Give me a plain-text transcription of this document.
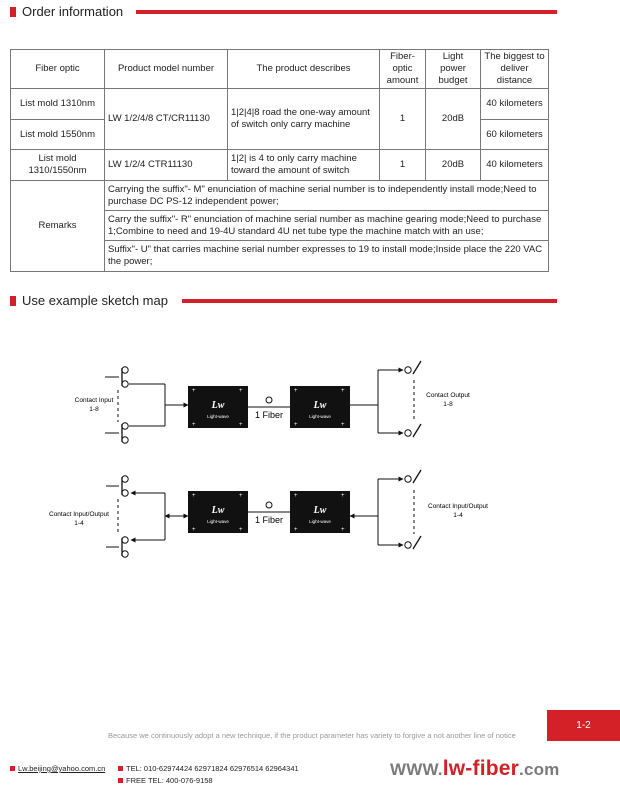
Order information
Fiber optic	Product model number	The product describes	Fiber-optic amount	Light power budget	The biggest to deliver distance
List mold 1310nm	LW 1/2/4/8 CT/CR11130	1|2|4|8 road the one-way amount of switch only carry machine	1	20dB	40 kilometers
List mold 1550nm					60 kilometers
List mold 1310/1550nm	LW 1/2/4 CTR11130	1|2| is 4 to only carry machine toward the amount of switch	1	20dB	40 kilometers
Remarks	Carrying the suffix"- M" enunciation of machine serial number is to independently install mode;Need to purchase DC PS-12 independent power;				
	Carry the suffix"- R" enunciation of machine serial number as machine gearing mode;Need to purchase 1;Combine to need and 19-4U standard 4U net tube type the machine match with an use;				
	Suffix"- U" that carries machine serial number expresses to 19 to install mode;Inside place the 220 VAC the power;				
Use example sketch map
+	+
+	+
Contact Input
1-8	Lw
Light-wave	1 Fiber
Lw
Light-wave
Contact Output
1-8
Contact Input/Output
1-4
Lw
Light-wave	1 Fiber
Lw
Light-wave
Contact Input/Output
1-4
1-2
Because we continuously adopt a new technique, if the product parameter has variety to forgive a not another line of notice
Lw.beijing@yahoo.com.cn	TEL: 010-62974424 62971824 62976514 62964341
FREE TEL: 400-076-9158
WWW.lw-fiber.com
